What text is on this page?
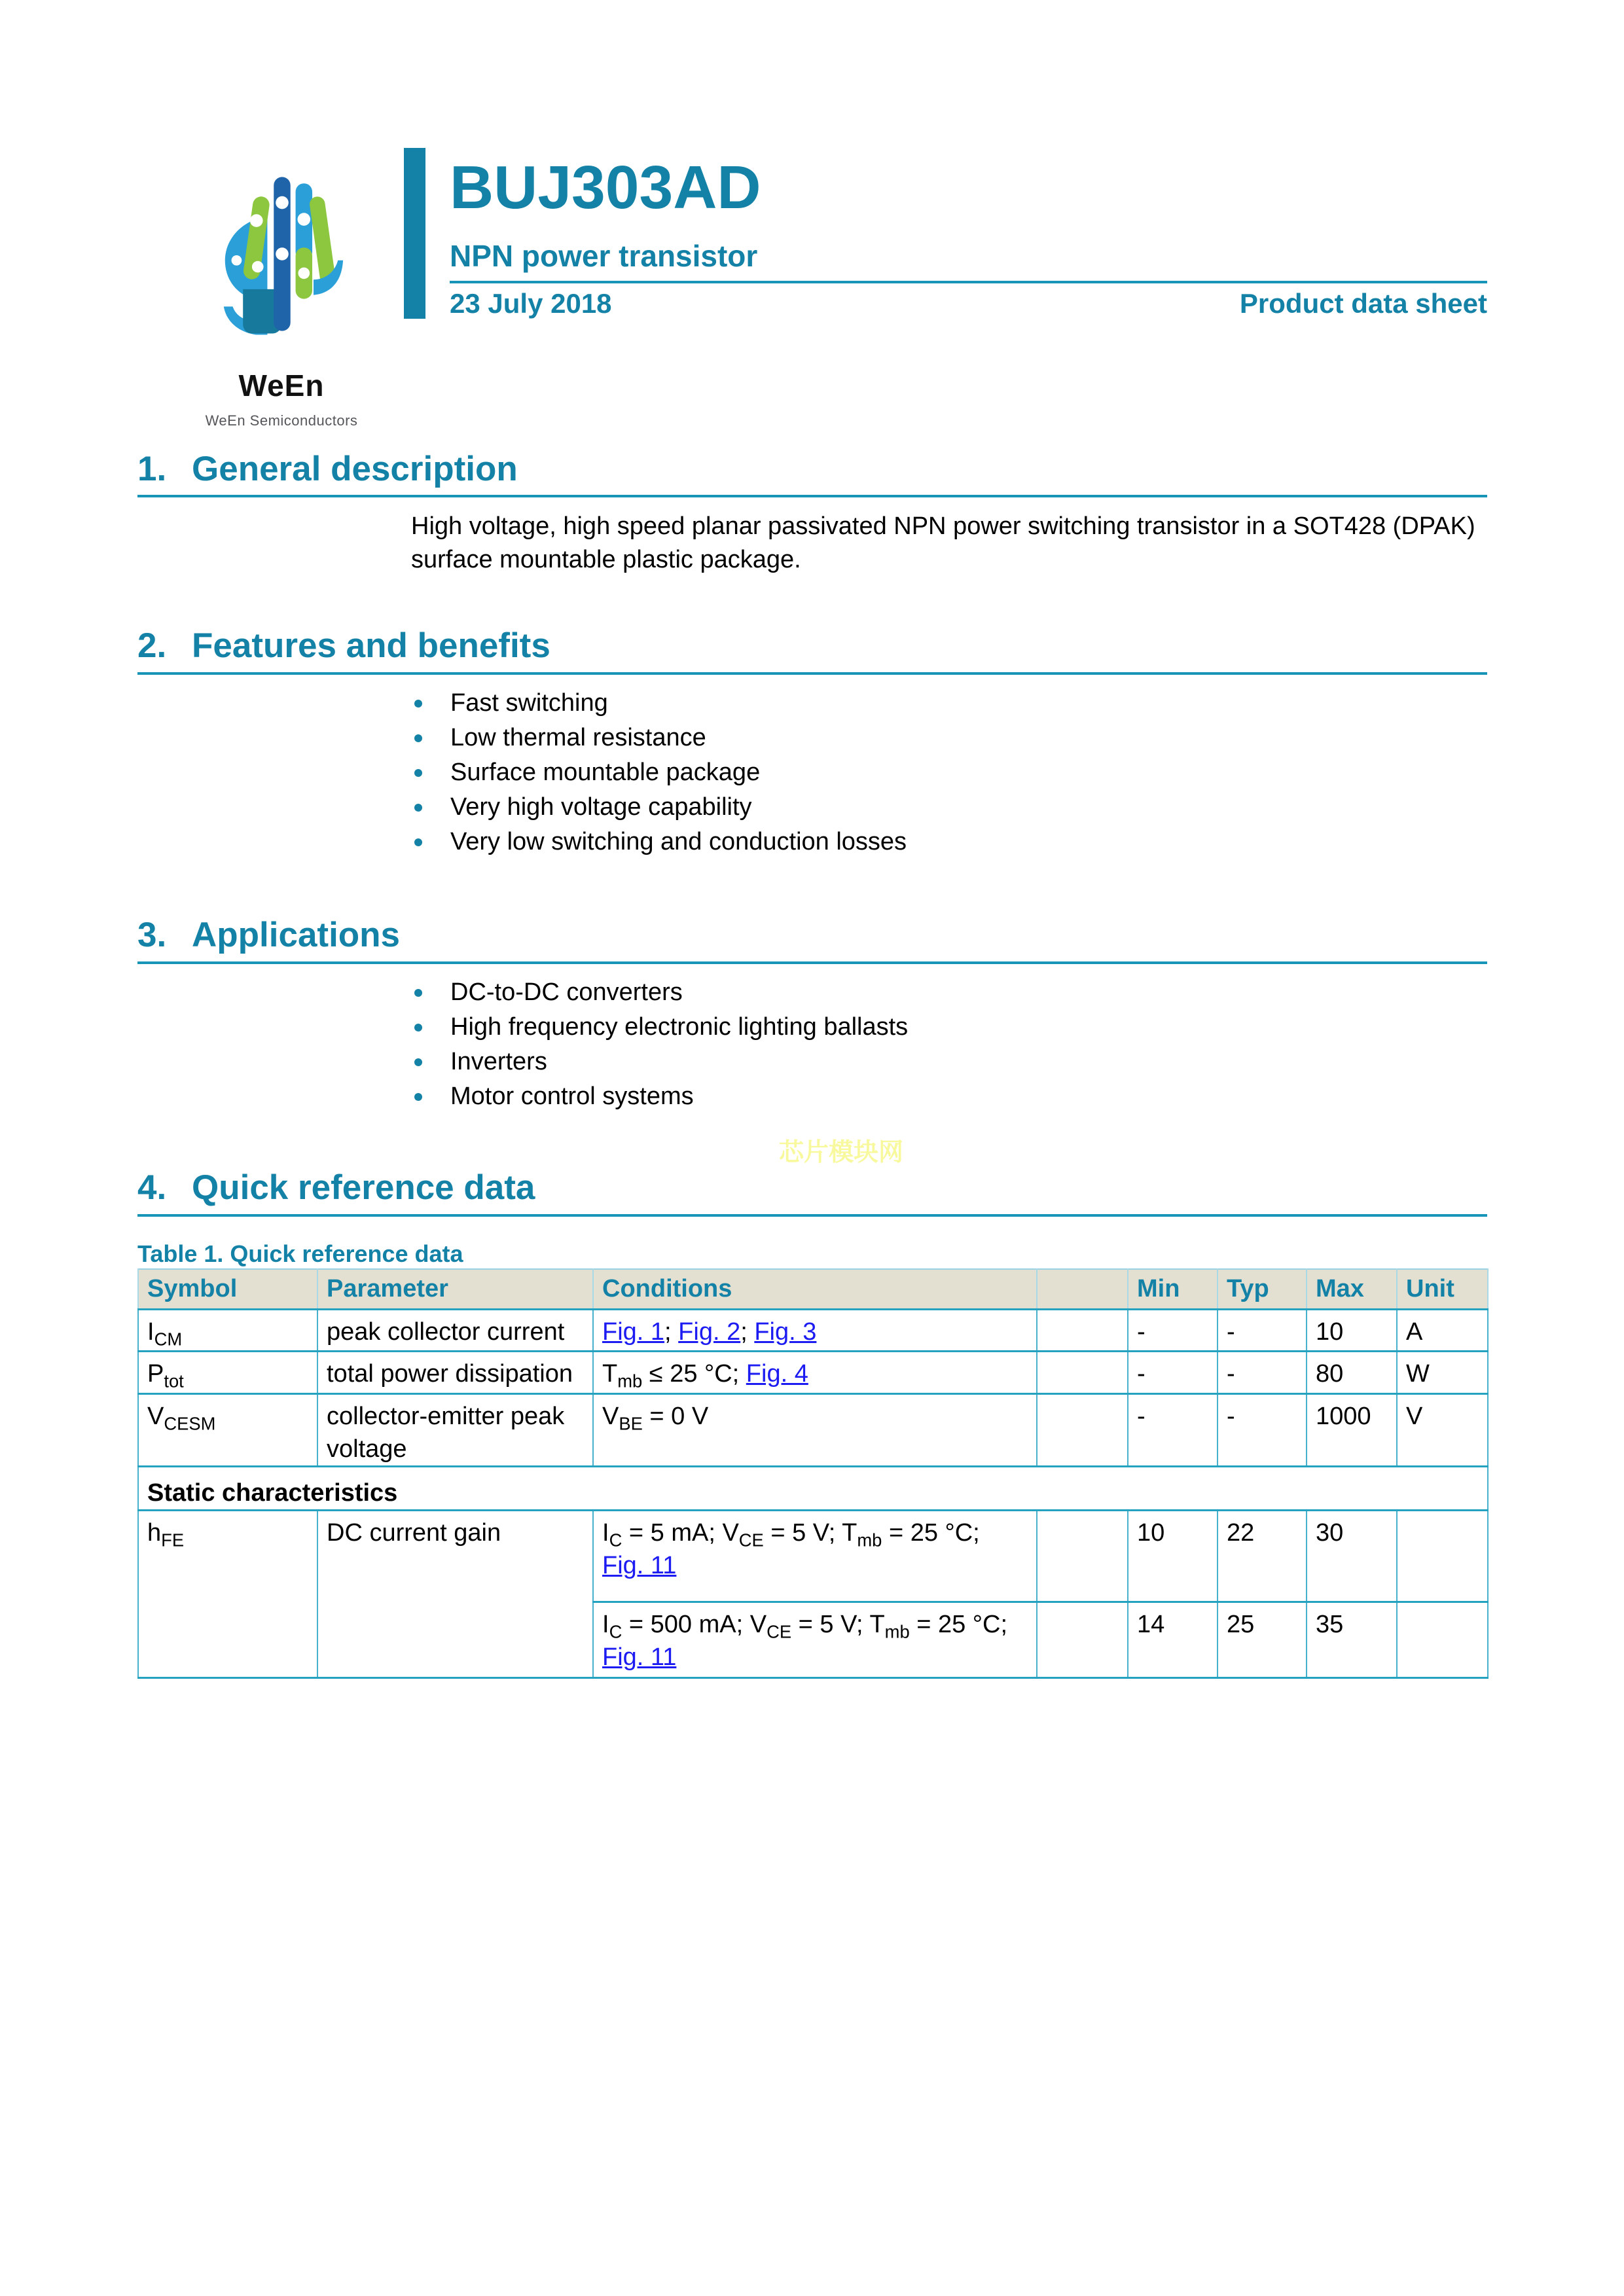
WeEn
WeEn Semiconductors
BUJ303AD
NPN power transistor
23 July 2018	Product data sheet
1. General description
High voltage, high speed planar passivated NPN power switching transistor in a SOT428 (DPAK) surface mountable plastic package.
2. Features and benefits
Fast switching
Low thermal resistance
Surface mountable package
Very high voltage capability
Very low switching and conduction losses
3. Applications
DC-to-DC converters
High frequency electronic lighting ballasts
Inverters
Motor control systems
芯片模块网
4. Quick reference data
Table 1. Quick reference data
Symbol	Parameter	Conditions		Min	Typ	Max	Unit
$I_{CM}$	peak collector current	Fig. 1; Fig. 2; Fig. 3		-	-	10	A
$P_{tot}$	total power dissipation	$T_{mb} \le 25$ °C; Fig. 4		-	-	80	W
$V_{CESM}$	collector-emitter peak voltage	$V_{BE} = 0$ V		-	-	1000	V
Static characteristics							
$h_{FE}$	DC current gain	$I_C = 5$ mA; $V_{CE} = 5$ V; $T_{mb} = 25$ °C;
Fig. 11		10	22	30	
		$I_C = 500$ mA; $V_{CE} = 5$ V; $T_{mb} = 25$ °C;
Fig. 11		14	25	35	
